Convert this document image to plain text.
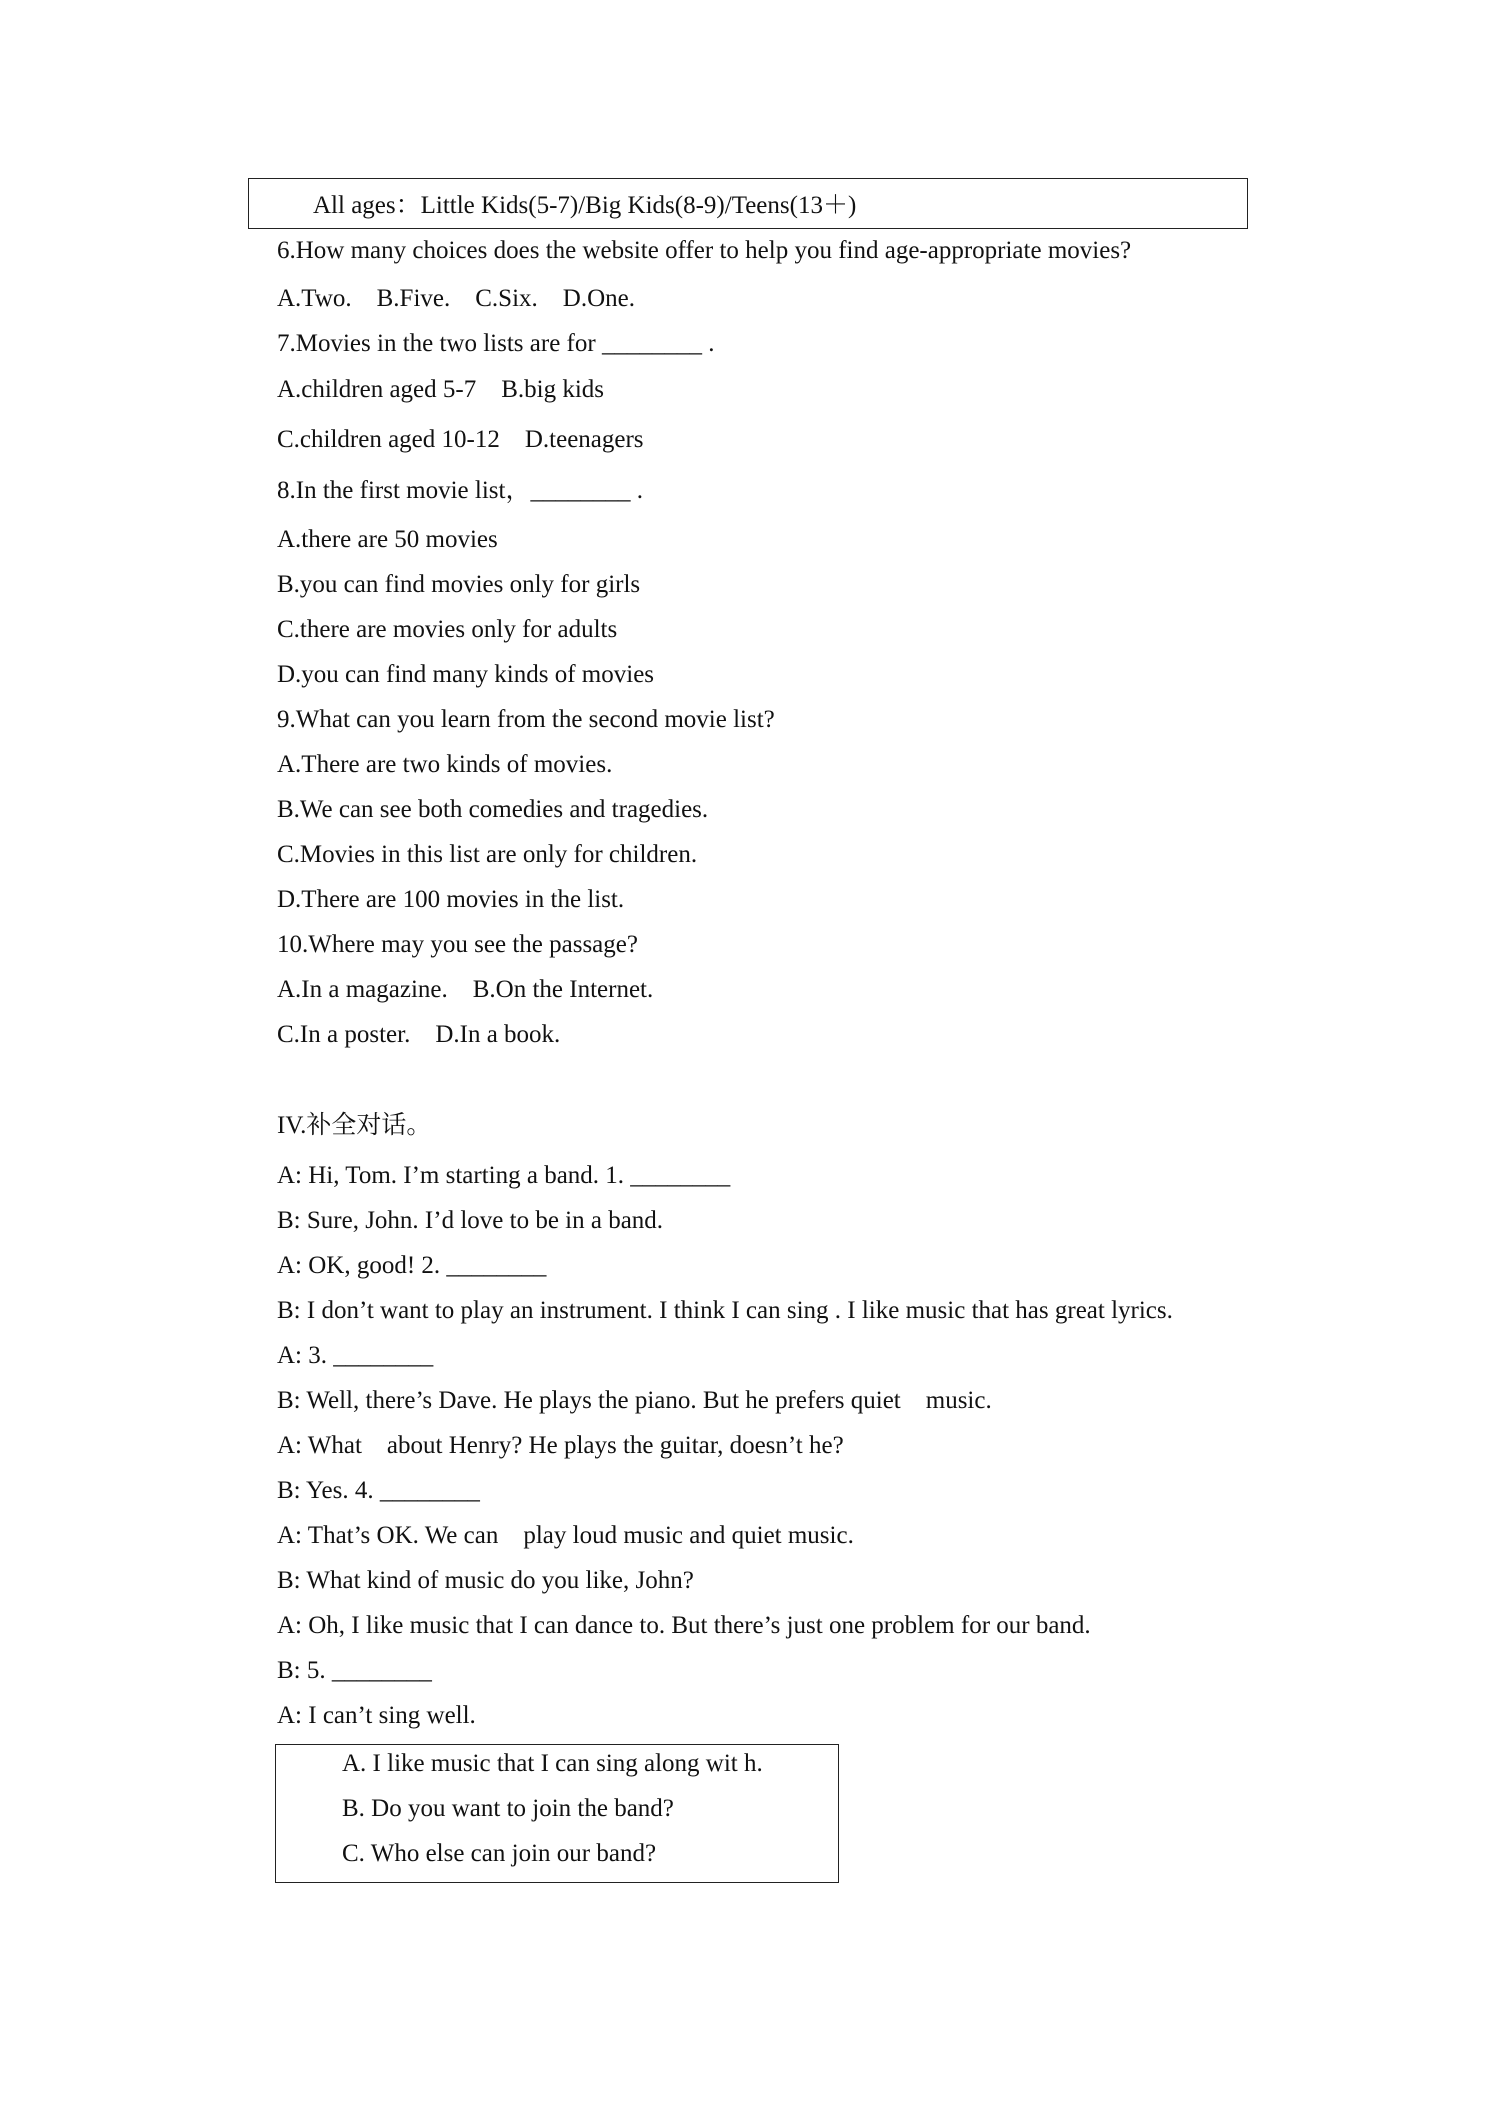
All ages：Little Kids(5‐7)/Big Kids(8‐9)/Teens(13＋)
6.How many choices does the website offer to help you find age‐appropriate movies?
A.Two.    B.Five.    C.Six.    D.One.
7.Movies in the two lists are for ________ .
A.children aged 5‐7    B.big kids
C.children aged 10‐12    D.teenagers
8.In the first movie list，________ .
A.there are 50 movies
B.you can find movies only for girls
C.there are movies only for adults
D.you can find many kinds of movies
9.What can you learn from the second movie list?
A.There are two kinds of movies.
B.We can see both comedies and tragedies.
C.Movies in this list are only for children.
D.There are 100 movies in the list.
10.Where may you see the passage?
A.In a magazine.    B.On the Internet.
C.In a poster.    D.In a book.
IV.补全对话。
A: Hi, Tom. I’m starting a band. 1. ________
B: Sure, John. I’d love to be in a band.
A: OK, good! 2. ________
B: I don’t want to play an instrument. I think I can sing . I like music that has great lyrics.
A: 3. ________
B: Well, there’s Dave. He plays the piano. But he prefers quiet    music.
A: What    about Henry? He plays the guitar, doesn’t he?
B: Yes. 4. ________
A: That’s OK. We can    play loud music and quiet music.
B: What kind of music do you like, John?
A: Oh, I like music that I can dance to. But there’s just one problem for our band.
B: 5. ________
A: I can’t sing well.
A. I like music that I can sing along wit h.
B. Do you want to join the band?
C. Who else can join our band?
